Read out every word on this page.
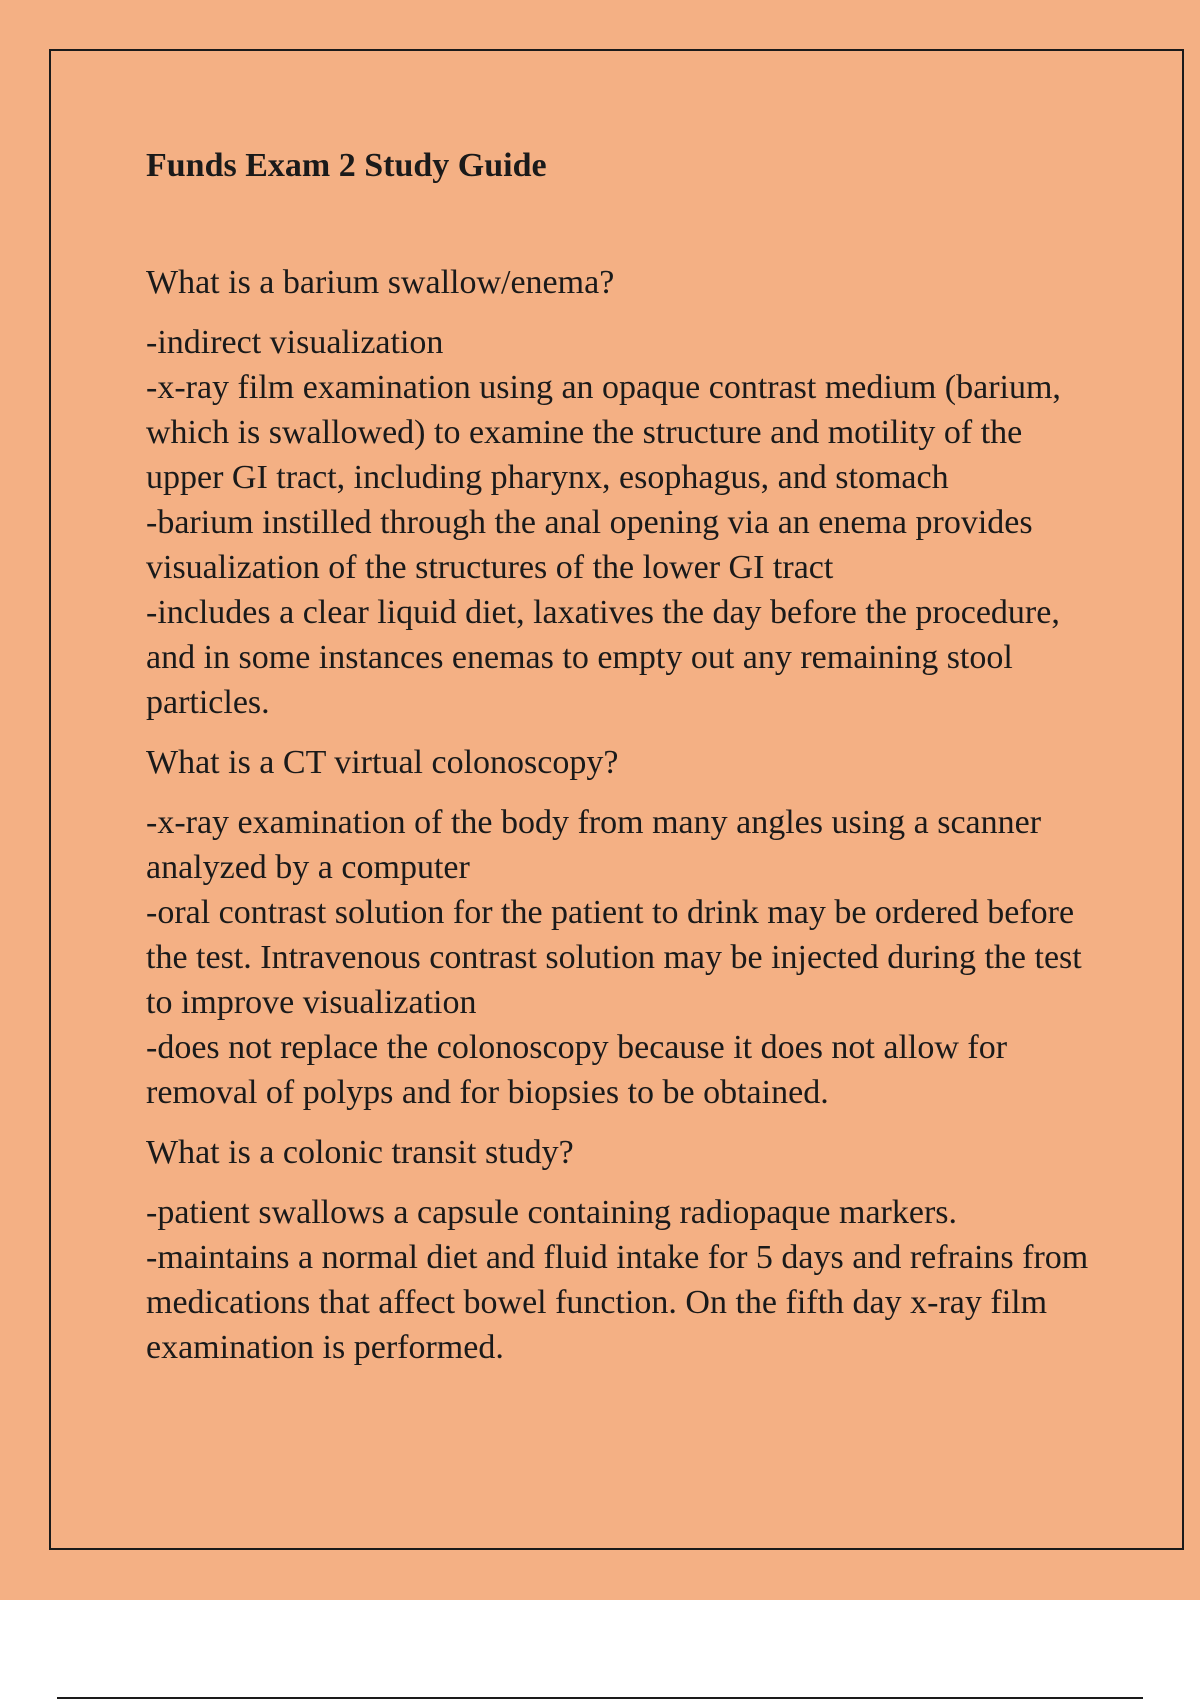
Funds Exam 2 Study Guide

What is a barium swallow/enema?

-indirect visualization
-x-ray film examination using an opaque contrast medium (barium, which is swallowed) to examine the structure and motility of the upper GI tract, including pharynx, esophagus, and stomach
-barium instilled through the anal opening via an enema provides visualization of the structures of the lower GI tract
-includes a clear liquid diet, laxatives the day before the procedure, and in some instances enemas to empty out any remaining stool particles.

What is a CT virtual colonoscopy?

-x-ray examination of the body from many angles using a scanner analyzed by a computer
-oral contrast solution for the patient to drink may be ordered before the test. Intravenous contrast solution may be injected during the test to improve visualization
-does not replace the colonoscopy because it does not allow for removal of polyps and for biopsies to be obtained.

What is a colonic transit study?

-patient swallows a capsule containing radiopaque markers.
-maintains a normal diet and fluid intake for 5 days and refrains from medications that affect bowel function. On the fifth day x-ray film examination is performed.
